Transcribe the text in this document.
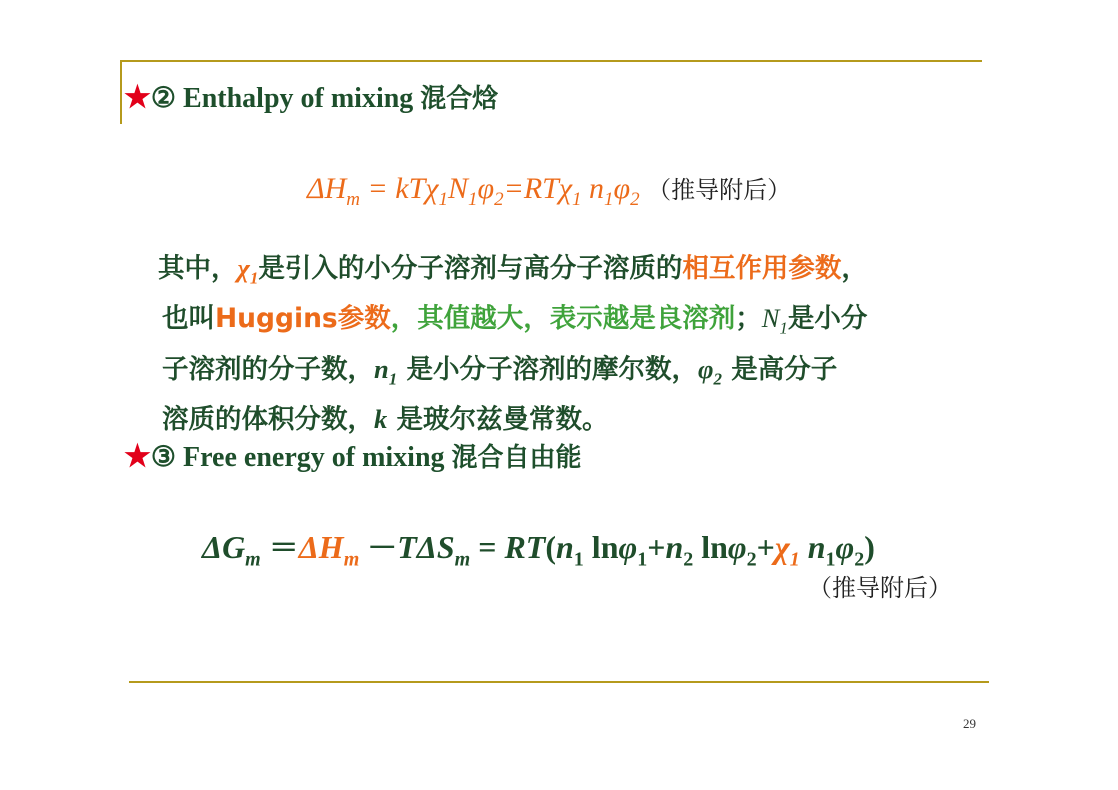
★② Enthalpy of mixing 混合焓
$\Delta H_m = kT\chi_1N_1\varphi_2=RT\chi_1$ $n_1\varphi_2$ （推导附后）
其中，$\chi_1$是引入的小分子溶剂与高分子溶质的相互作用参数，
也叫Huggins参数，其值越大，表示越是良溶剂；$N_1$是小分
子溶剂的分子数，$n_1$ 是小分子溶剂的摩尔数，$\varphi_2$ 是高分子
溶质的体积分数，k 是玻尔兹曼常数。
★③ Free energy of mixing 混合自由能
$\Delta G_m =\Delta H_m -T\Delta S_m = RT(n_1$ $\ln\varphi_1+n_2$ $\ln\varphi_2+\chi_1$ $n_1\varphi_2$)
（推导附后）
29
